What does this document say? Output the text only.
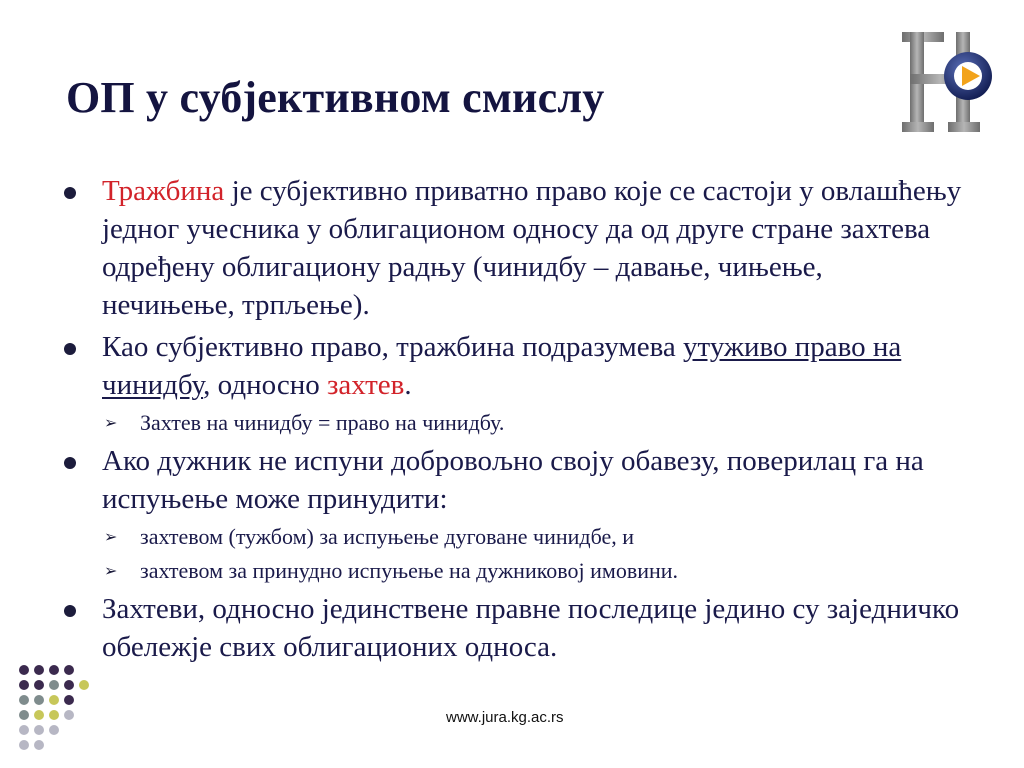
ОП у субјективном смислу
Тражбина је субјективно приватно право које се састоји у овлашћењу једног учесника у облигационом односу да од друге стране захтева одређену облигациону радњу (чинидбу – давање, чињење, нечињење, трпљење).
Као субјективно право, тражбина подразумева утуживо право на чинидбу, односно захтев.
➢ Захтев на чинидбу = право на чинидбу.
Ако дужник не испуни добровољно своју обавезу, поверилац га на испуњење може принудити:
➢ захтевом (тужбом) за испуњење дуговане чинидбе, и
➢ захтевом за принудно испуњење на дужниковој имовини.
Захтеви, односно јединствене правне последице једино су заједничко обележје свих облигационих односа.
www.jura.kg.ac.rs
